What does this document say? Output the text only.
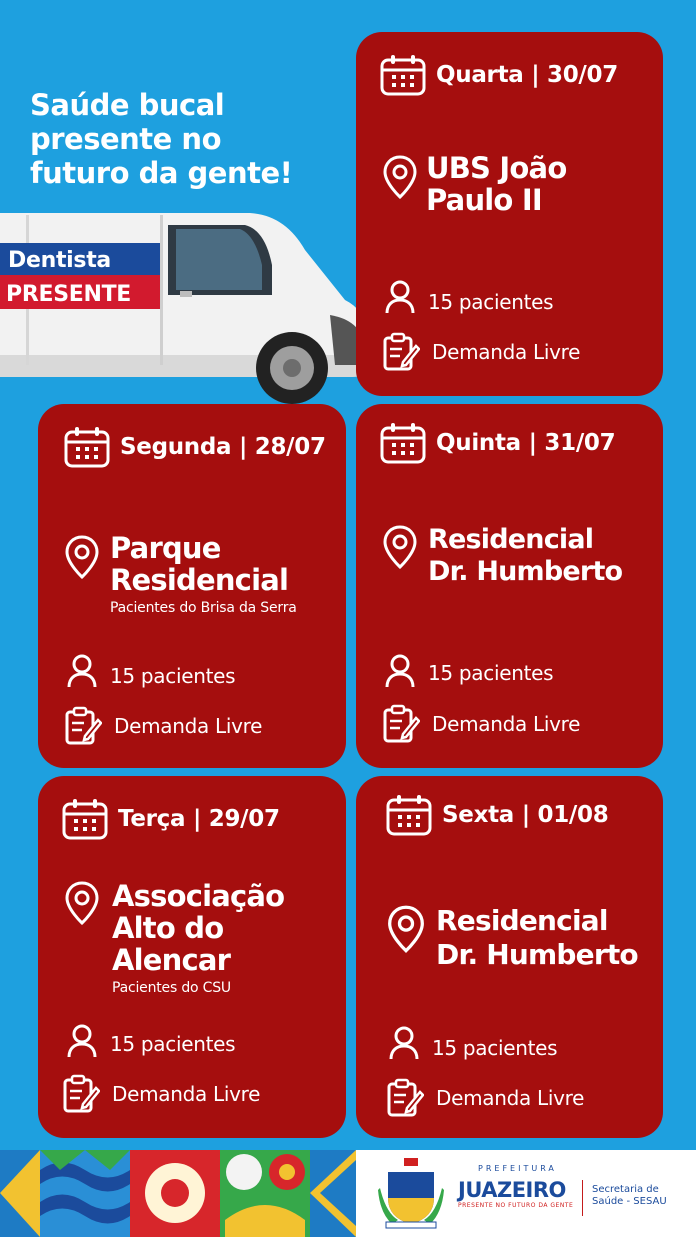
Saúde bucal
presente no
futuro da gente!
Dentista
PRESENTE
Quarta | 30/07
UBS João
Paulo II
15 pacientes
Demanda Livre
Segunda | 28/07
Parque
Residencial
Pacientes do Brisa da Serra
15 pacientes
Demanda Livre
Quinta | 31/07
Residencial
Dr. Humberto
15 pacientes
Demanda Livre
Terça | 29/07
Associação
Alto do
Alencar
Pacientes do CSU
15 pacientes
Demanda Livre
Sexta | 01/08
Residencial
Dr. Humberto
15 pacientes
Demanda Livre
PREFEITURA
JUAZEIRO
PRESENTE NO FUTURO DA GENTE
Secretaria de
Saúde - SESAU
